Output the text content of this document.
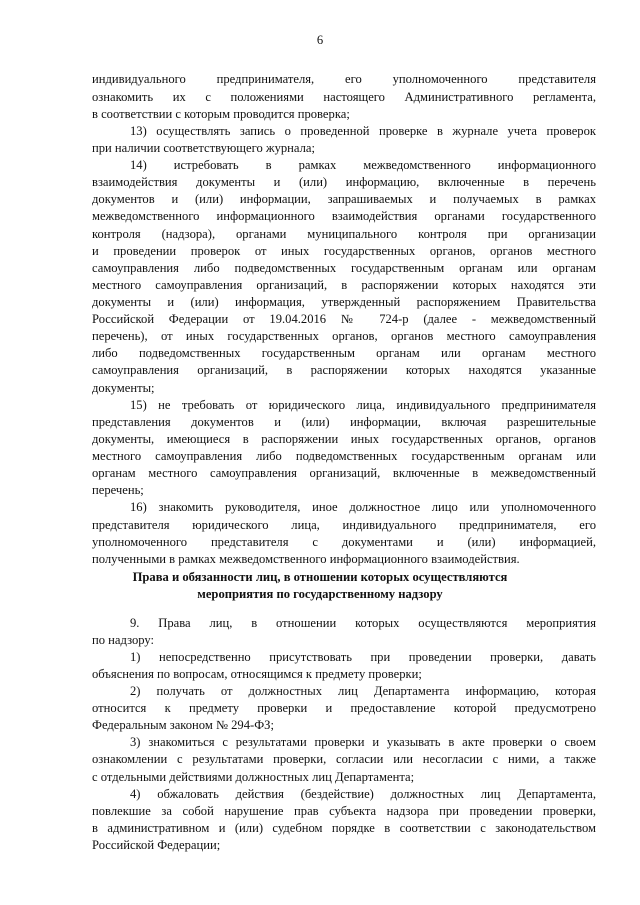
6
индивидуального предпринимателя, его уполномоченного представителя
ознакомить их с положениями настоящего Административного регламента,
в соответствии с которым проводится проверка;
13) осуществлять запись о проведенной проверке в журнале учета проверок
при наличии соответствующего журнала;
14) истребовать в рамках межведомственного информационного
взаимодействия документы и (или) информацию, включенные в перечень
документов и (или) информации, запрашиваемых и получаемых в рамках
межведомственного информационного взаимодействия органами государственного
контроля (надзора), органами муниципального контроля при организации
и проведении проверок от иных государственных органов, органов местного
самоуправления либо подведомственных государственным органам или органам
местного самоуправления организаций, в распоряжении которых находятся эти
документы и (или) информация, утвержденный распоряжением Правительства
Российской Федерации от 19.04.2016 № 724-р (далее - межведомственный
перечень), от иных государственных органов, органов местного самоуправления
либо подведомственных государственным органам или органам местного
самоуправления организаций, в распоряжении которых находятся указанные
документы;
15) не требовать от юридического лица, индивидуального предпринимателя
представления документов и (или) информации, включая разрешительные
документы, имеющиеся в распоряжении иных государственных органов, органов
местного самоуправления либо подведомственных государственным органам или
органам местного самоуправления организаций, включенные в межведомственный
перечень;
16) знакомить руководителя, иное должностное лицо или уполномоченного
представителя юридического лица, индивидуального предпринимателя, его
уполномоченного представителя с документами и (или) информацией,
полученными в рамках межведомственного информационного взаимодействия.
Права и обязанности лиц, в отношении которых осуществляются
мероприятия по государственному надзору
9. Права лиц, в отношении которых осуществляются мероприятия
по надзору:
1) непосредственно присутствовать при проведении проверки, давать
объяснения по вопросам, относящимся к предмету проверки;
2) получать от должностных лиц Департамента информацию, которая
относится к предмету проверки и предоставление которой предусмотрено
Федеральным законом № 294-ФЗ;
3) знакомиться с результатами проверки и указывать в акте проверки о своем
ознакомлении с результатами проверки, согласии или несогласии с ними, а также
с отдельными действиями должностных лиц Департамента;
4) обжаловать действия (бездействие) должностных лиц Департамента,
повлекшие за собой нарушение прав субъекта надзора при проведении проверки,
в административном и (или) судебном порядке в соответствии с законодательством
Российской Федерации;
